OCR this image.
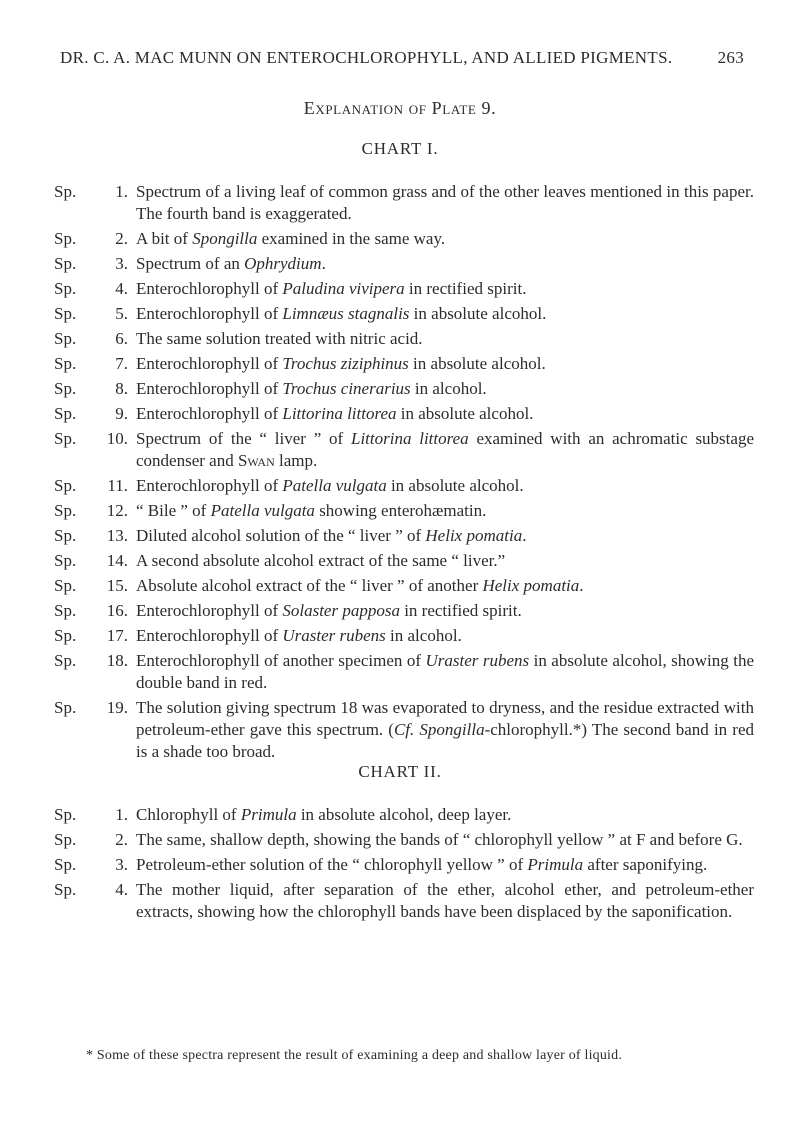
DR. C. A. MAC MUNN ON ENTEROCHLOROPHYLL, AND ALLIED PIGMENTS.	263
Explanation of Plate 9.
CHART I.
Sp.	1. Spectrum of a living leaf of common grass and of the other leaves mentioned in this paper. The fourth band is exaggerated.
Sp.	2. A bit of Spongilla examined in the same way.
Sp.	3. Spectrum of an Ophrydium.
Sp.	4. Enterochlorophyll of Paludina vivipera in rectified spirit.
Sp.	5. Enterochlorophyll of Limnæus stagnalis in absolute alcohol.
Sp.	6. The same solution treated with nitric acid.
Sp.	7. Enterochlorophyll of Trochus ziziphinus in absolute alcohol.
Sp.	8. Enterochlorophyll of Trochus cinerarius in alcohol.
Sp.	9. Enterochlorophyll of Littorina littorea in absolute alcohol.
Sp.	10. Spectrum of the “ liver ” of Littorina littorea examined with an achromatic substage condenser and Swan lamp.
Sp.	11. Enterochlorophyll of Patella vulgata in absolute alcohol.
Sp.	12. “ Bile ” of Patella vulgata showing enterohæmatin.
Sp.	13. Diluted alcohol solution of the “ liver ” of Helix pomatia.
Sp.	14. A second absolute alcohol extract of the same “ liver.”
Sp.	15. Absolute alcohol extract of the “ liver ” of another Helix pomatia.
Sp.	16. Enterochlorophyll of Solaster papposa in rectified spirit.
Sp.	17. Enterochlorophyll of Uraster rubens in alcohol.
Sp.	18. Enterochlorophyll of another specimen of Uraster rubens in absolute alcohol, showing the double band in red.
Sp.	19. The solution giving spectrum 18 was evaporated to dryness, and the residue extracted with petroleum-ether gave this spectrum. (Cf. Spongilla-chlorophyll.*) The second band in red is a shade too broad.
CHART II.
Sp.	1. Chlorophyll of Primula in absolute alcohol, deep layer.
Sp.	2. The same, shallow depth, showing the bands of “ chlorophyll yellow ” at F and before G.
Sp.	3. Petroleum-ether solution of the “ chlorophyll yellow ” of Primula after saponifying.
Sp.	4. The mother liquid, after separation of the ether, alcohol ether, and petroleum-ether extracts, showing how the chlorophyll bands have been displaced by the saponification.
* Some of these spectra represent the result of examining a deep and shallow layer of liquid.
